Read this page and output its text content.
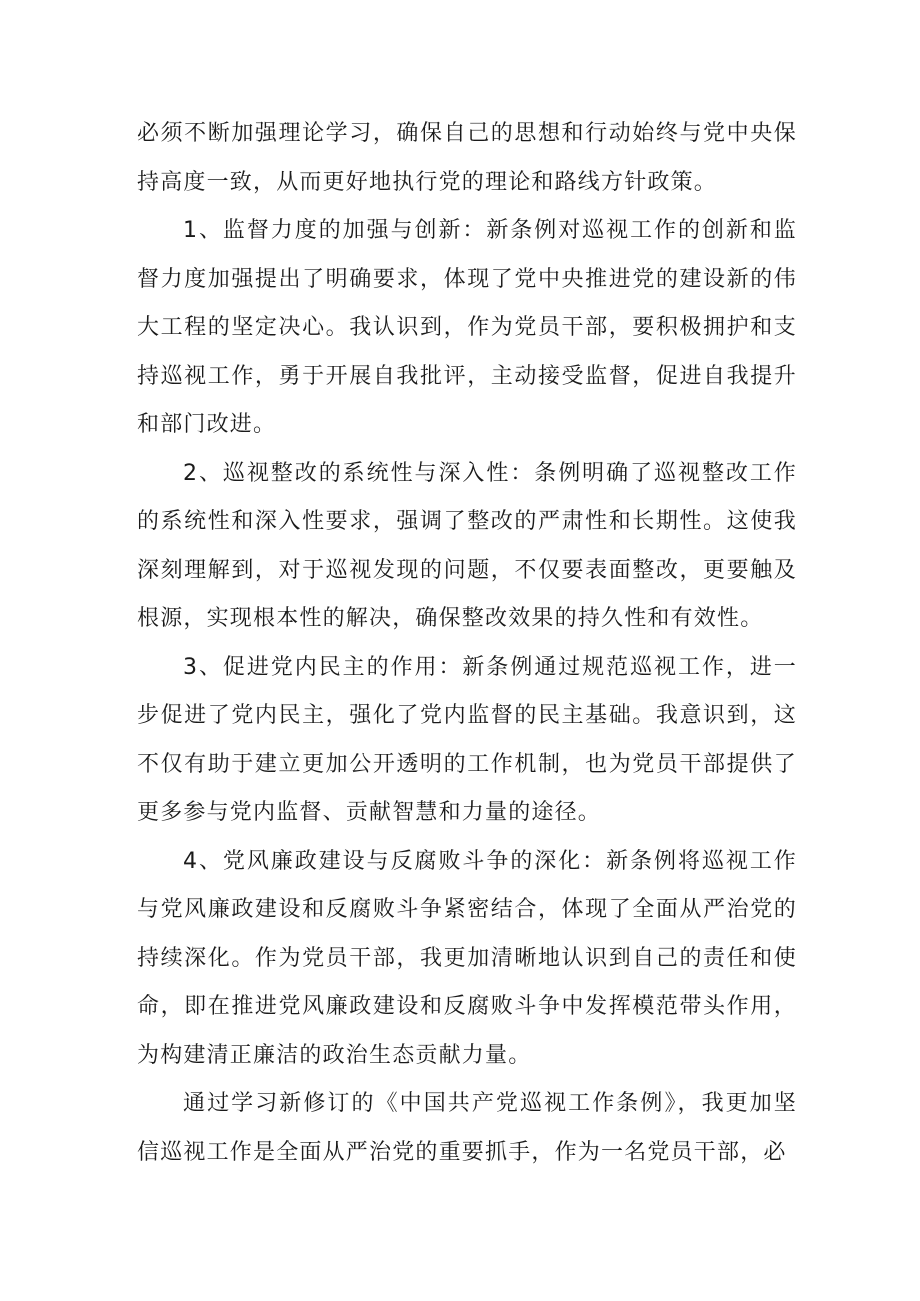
必须不断加强理论学习，确保自己的思想和行动始终与党中央保持高度一致，从而更好地执行党的理论和路线方针政策。

1、监督力度的加强与创新：新条例对巡视工作的创新和监督力度加强提出了明确要求，体现了党中央推进党的建设新的伟大工程的坚定决心。我认识到，作为党员干部，要积极拥护和支持巡视工作，勇于开展自我批评，主动接受监督，促进自我提升和部门改进。

2、巡视整改的系统性与深入性：条例明确了巡视整改工作的系统性和深入性要求，强调了整改的严肃性和长期性。这使我深刻理解到，对于巡视发现的问题，不仅要表面整改，更要触及根源，实现根本性的解决，确保整改效果的持久性和有效性。

3、促进党内民主的作用：新条例通过规范巡视工作，进一步促进了党内民主，强化了党内监督的民主基础。我意识到，这不仅有助于建立更加公开透明的工作机制，也为党员干部提供了更多参与党内监督、贡献智慧和力量的途径。

4、党风廉政建设与反腐败斗争的深化：新条例将巡视工作与党风廉政建设和反腐败斗争紧密结合，体现了全面从严治党的持续深化。作为党员干部，我更加清晰地认识到自己的责任和使命，即在推进党风廉政建设和反腐败斗争中发挥模范带头作用，为构建清正廉洁的政治生态贡献力量。

通过学习新修订的《中国共产党巡视工作条例》，我更加坚信巡视工作是全面从严治党的重要抓手，作为一名党员干部，必
